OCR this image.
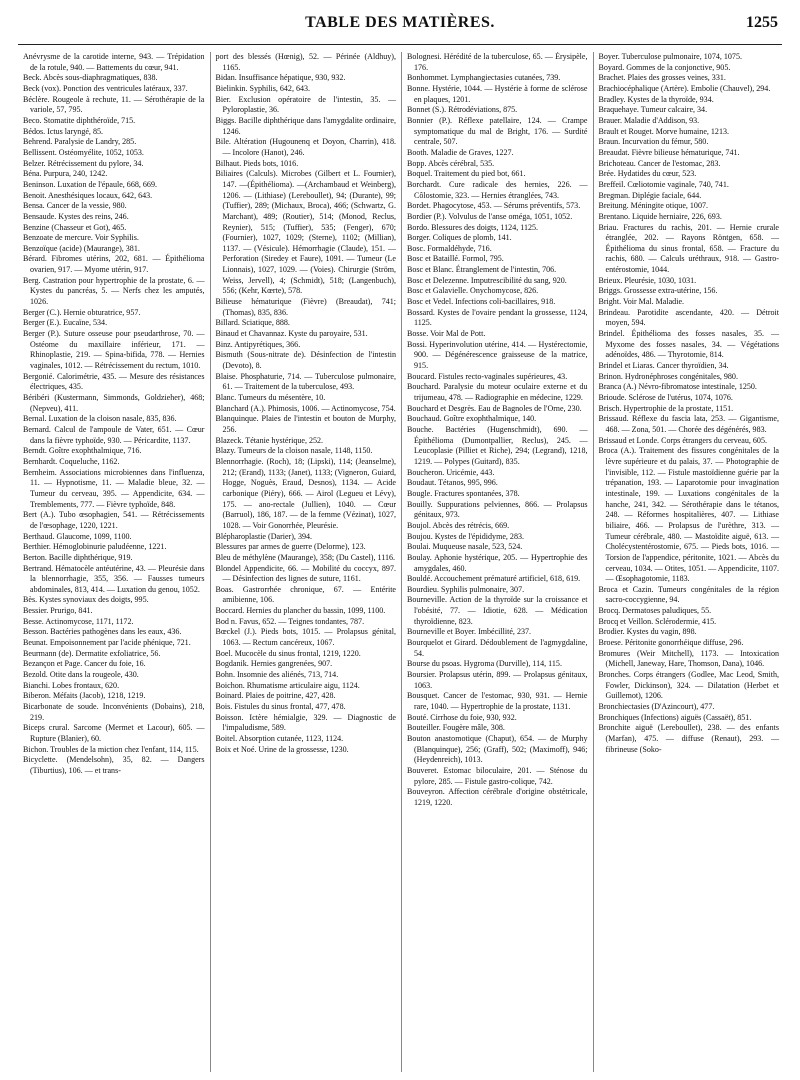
TABLE DES MATIÈRES.	1255

Anévrysme de la carotide interne, 943. — Trépidation de la rotule, 940. — Battements du cœur, 941.

Beck. Abcès sous-diaphragmatiques, 838.

Beck (vox). Ponction des ventricules latéraux, 337.

Béclère. Rougeole à rechute, 11. — Sérothérapie de la variole, 57, 795.

Beco. Stomatite diphthéroïde, 715.

Bédos. Ictus laryngé, 85.

Behrend. Paralysie de Landry, 285.

Bellissent. Ostéomyélite, 1052, 1053.

Belzer. Rétrécissement du pylore, 34.

Béna. Purpura, 240, 1242.

Beninson. Luxation de l'épaule, 668, 669.

Benoit. Anesthésiques locaux, 642, 643.

Bensa. Cancer de la vessie, 980.

Bensaude. Kystes des reins, 246.

Benzine (Chasseur et Got), 465.

Benzoate de mercure. Voir Syphilis.

Benzoïque (acide) (Maurange), 381.

Bérard. Fibromes utérins, 202, 681. — Épithélioma ovarien, 917. — Myome utérin, 917.

Berg. Castration pour hypertrophie de la prostate, 6. — Kystes du pancréas, 5. — Nerfs chez les amputés, 1026.

Berger (C.). Hernie obturatrice, 957.

Berger (E.). Eucaïne, 534.

Berger (P.). Suture osseuse pour pseudarthrose, 70. — Ostéome du maxillaire inférieur, 171. — Rhinoplastie, 219. — Spina-bifida, 778. — Hernies vaginales, 1012. — Rétrécissement du rectum, 1010.

Bergonié. Calorimétrie, 435. — Mesure des résistances électriques, 435.

Béribéri (Kustermann, Simmonds, Goldzieher), 468; (Nepveu), 411.

Bernal. Luxation de la cloison nasale, 835, 836.

Bernard. Calcul de l'ampoule de Vater, 651. — Cœur dans la fièvre typhoïde, 930. — Péricardite, 1137.

Berndt. Goître exophthalmique, 716.

Bernhardt. Coqueluche, 1162.

Bernheim. Associations microbiennes dans l'influenza, 11. — Hypnotisme, 11. — Maladie bleue, 32. — Tumeur du cerveau, 395. — Appendicite, 634. — Tremblements, 777. — Fièvre typhoïde, 848.

Bert (A.). Tubo œsophagien, 541. — Rétrécissements de l'œsophage, 1220, 1221.

Berthaud. Glaucome, 1099, 1100.

Berthier. Hémoglobinurie paludéenne, 1221.

Berton. Bacille diphthérique, 919.

Bertrand. Hématocèle antéutérine, 43. — Pleurésie dans la blennorrhagie, 355, 356. — Fausses tumeurs abdominales, 813, 414. — Luxation du genou, 1052.

Bès. Kystes synoviaux des doigts, 995.

Bessier. Prurigo, 841.

Besse. Actinomycose, 1171, 1172.

Besson. Bactéries pathogènes dans les eaux, 436.

Beunat. Empoisonnement par l'acide phénique, 721.

Beurmann (de). Dermatite exfoliatrice, 56.

Bezançon et Page. Cancer du foie, 16.

Bezold. Otite dans la rougeole, 430.

Bianchi. Lobes frontaux, 620.

Biberon. Méfaits (Jacob), 1218, 1219.

Bicarbonate de soude. Inconvénients (Dobains), 218, 219.

Biceps crural. Sarcome (Mermet et Lacour), 605. — Rupture (Blanier), 60.

Bichon. Troubles de la miction chez l'enfant, 114, 115.

Bicyclette. (Mendelsohn), 35, 82. — Dangers (Tiburtius), 106. — et trans-

port des blessés (Hœnig), 52. — Périnée (Aldhuy), 1165.

Bidan. Insuffisance hépatique, 930, 932.

Bielinkin. Syphilis, 642, 643.

Bier. Exclusion opératoire de l'intestin, 35. — Pyloroplastie, 36.

Biggs. Bacille diphthérique dans l'amygdalite ordinaire, 1246.

Bile. Altération (Hugounenq et Doyon, Charrin), 418. — Incolore (Hanot), 246.

Bilhaut. Pieds bots, 1016.

Biliaires (Calculs). Microbes (Gilbert et L. Fournier), 147. —(Épithélioma). —(Archambaud et Weinberg), 1206. — (Lithiase) (Lereboullet), 94; (Durante), 99; (Tuffier), 289; (Michaux, Broca), 466; (Schwartz, G. Marchant), 489; (Routier), 514; (Monod, Reclus, Reynier), 515; (Tuffier), 535; (Fenger), 670; (Fournier), 1027, 1029; (Sterne), 1102; (Millian), 1137. — (Vésicule). Hémorrhagie (Claude), 151. — Perforation (Siredey et Faure), 1091. — Tumeur (Le Lionnais), 1027, 1029. — (Voies). Chirurgie (Ström, Weiss, Jervell), 4; (Schmidt), 518; (Langenbuch), 556; (Kehr, Kœrte), 578.

Bilieuse hématurique (Fièvre) (Breaudat), 741; (Thomas), 835, 836.

Billard. Sciatique, 888.

Binaud et Chavannaz. Kyste du paroyaire, 531.

Binz. Antipyrétiques, 366.

Bismuth (Sous-nitrate de). Désinfection de l'intestin (Devoto), 8.

Blaise. Phosphaturie, 714. — Tuberculose pulmonaire, 61. — Traitement de la tuberculose, 493.

Blanc. Tumeurs du mésentère, 10.

Blanchard (A.). Phimosis, 1006. — Actinomycose, 754.

Blanquinque. Plaies de l'intestin et bouton de Murphy, 256.

Blazeck. Tétanie hystérique, 252.

Blazy. Tumeurs de la cloison nasale, 1148, 1150.

Blennorrhagie. (Roch), 18; (Lipski), 114; (Jeanselme), 212; (Erand), 1133; (Janet), 1133; (Vigneron, Guiard, Hogge, Noguès, Eraud, Desnos), 1134. — Acide carbonique (Piéry), 666. — Airol (Legueu et Lévy), 175. — ano-rectale (Jullien), 1040. — Cœur (Barruol), 186, 187. — de la femme (Vézinat), 1027, 1028. — Voir Gonorrhée, Pleurésie.

Blépharoplastie (Darier), 394.

Blessures par armes de guerre (Delorme), 123.

Bleu de méthylène (Maurange), 358; (Du Castel), 1116.

Blondel Appendicite, 66. — Mobilité du coccyx, 897. — Désinfection des lignes de suture, 1161.

Boas. Gastrorrhée chronique, 67. — Entérite amibienne, 106.

Boccard. Hernies du plancher du bassin, 1099, 1100.

Bod n. Favus, 652. — Teignes tondantes, 787.

Bœckel (J.). Pieds bots, 1015. — Prolapsus génital, 1063. — Rectum cancéreux, 1067.

Boel. Mucocèle du sinus frontal, 1219, 1220.

Bogdanik. Hernies gangrenées, 907.

Bohn. Insomnie des aliénés, 713, 714.

Boichon. Rhumatisme articulaire aigu, 1124.

Boinard. Plaies de poitrine, 427, 428.

Bois. Fistules du sinus frontal, 477, 478.

Boisson. Ictère hémialgie, 329. — Diagnostic de l'impaludisme, 589.

Boitel. Absorption cutanée, 1123, 1124.

Boix et Noé. Urine de la grossesse, 1230.

Bolognesi. Hérédité de la tuberculose, 65. — Érysipèle, 176.

Bonhommet. Lymphangiectasies cutanées, 739.

Bonne. Hystérie, 1044. — Hystérie à forme de sclérose en plaques, 1201.

Bonnet (S.). Rétrodéviations, 875.

Bonnier (P.). Réflexe patellaire, 124. — Crampe symptomatique du mal de Bright, 176. — Surdité centrale, 507.

Booth. Maladie de Graves, 1227.

Bopp. Abcès cérébral, 535.

Boquel. Traitement du pied bot, 661.

Borchardt. Cure radicale des hernies, 226. — Côlostomie, 323. — Hernies étranglées, 743.

Bordet. Phagocytose, 453. — Sérums préventifs, 573.

Bordier (P.). Volvulus de l'anse oméga, 1051, 1052.

Bordo. Blessures des doigts, 1124, 1125.

Borger. Coliques de plomb, 141.

Bosc. Formaldéhyde, 716.

Bosc et Bataillé. Formol, 795.

Bosc et Blanc. Étranglement de l'intestin, 706.

Bosc et Delezenne. Imputrescibilité du sang, 920.

Bosc et Galavielle. Onychomycose, 826.

Bosc et Vedel. Infections coli-bacillaires, 918.

Bossard. Kystes de l'ovaire pendant la grossesse, 1124, 1125.

Bosse. Voir Mal de Pott.

Bossi. Hyperinvolution utérine, 414. — Hystérectomie, 900. — Dégénérescence graisseuse de la matrice, 915.

Boucard. Fistules recto-vaginales supérieures, 43.

Bouchard. Paralysie du moteur oculaire externe et du trijumeau, 478. — Radiographie en médecine, 1229.

Bouchard et Desgrès. Eau de Bagnoles de l'Orne, 230.

Bouchaud. Goître exophthalmique, 140.

Bouche. Bactéries (Hugenschmidt), 690. — Épithélioma (Dumontpallier, Reclus), 245. — Leucoplasie (Pilliet et Riche), 294; (Legrand), 1218, 1219. — Polypes (Guitard), 835.

Boucheron. Uricémie, 443.

Boudaut. Tétanos, 995, 996.

Bougle. Fractures spontanées, 378.

Bouilly. Suppurations pelviennes, 866. — Prolapsus génitaux, 973.

Boujol. Abcès des rétrécis, 669.

Boujou. Kystes de l'épididyme, 283.

Boulai. Muqueuse nasale, 523, 524.

Boulay. Aphonie hystérique, 205. — Hypertrophie des amygdales, 460.

Bouldé. Accouchement prématuré artificiel, 618, 619.

Bourdieu. Syphilis pulmonaire, 307.

Bourneville. Action de la thyroïde sur la croissance et l'obésité, 77. — Idiotie, 628. — Médication thyroïdienne, 823.

Bourneville et Boyer. Imbécillité, 237.

Bourquelot et Girard. Dédoublement de l'agmygdaline, 54.

Bourse du psoas. Hygroma (Durville), 114, 115.

Boursier. Prolapsus utérin, 899. — Prolapsus génitaux, 1063.

Bousquet. Cancer de l'estomac, 930, 931. — Hernie rare, 1040. — Hypertrophie de la prostate, 1131.

Bouté. Cirrhose du foie, 930, 932.

Bouteiller. Fougère mâle, 308.

Bouton anastomotique (Chaput), 654. — de Murphy (Blanquinque), 256; (Graff), 502; (Maximoff), 946; (Heydenreich), 1013.

Bouveret. Estomac biloculaire, 201. — Sténose du pylore, 285. — Fistule gastro-colique, 742.

Bouveyron. Affection cérébrale d'origine obstétricale, 1219, 1220.

Boyer. Tuberculose pulmonaire, 1074, 1075.

Boyard. Gommes de la conjonctive, 905.

Brachet. Plaies des grosses veines, 331.

Brachiocéphalique (Artère). Embolie (Chauvel), 294.

Bradley. Kystes de la thyroïde, 934.

Braquehaye. Tumeur calcaire, 34.

Brauer. Maladie d'Addison, 93.

Brault et Rouget. Morve humaine, 1213.

Braun. Incurvation du fémur, 580.

Breaudat. Fièvre bilieuse hématurique, 741.

Brichoteau. Cancer de l'estomac, 283.

Brée. Hydatides du cœur, 523.

Breffeil. Cœliotomie vaginale, 740, 741.

Bregman. Diplégie faciale, 644.

Breitung. Méningite otique, 1007.

Brentano. Liquide herniaire, 226, 693.

Briau. Fractures du rachis, 201. — Hernie crurale étranglée, 202. — Rayons Röntgen, 658. — Épithélioma du sinus frontal, 658. — Fracture du rachis, 680. — Calculs uréthraux, 918. — Gastro-entérostomie, 1044.

Brieux. Pleurésie, 1030, 1031.

Briggs. Grossesse extra-utérine, 156.

Bright. Voir Mal. Maladie.

Brindeau. Parotidite ascendante, 420. — Détroit moyen, 594.

Brindel. Épithélioma des fosses nasales, 35. — Myxome des fosses nasales, 34. — Végétations adénoïdes, 486. — Thyrotomie, 814.

Brindel et Liaras. Cancer thyroïdien, 34.

Brinon. Hydronéphroses congénitales, 980.

Branca (A.) Névro-fibromatose intestinale, 1250.

Brioude. Sclérose de l'utérus, 1074, 1076.

Brisch. Hypertrophie de la prostate, 1151.

Brissaud. Réflexe du fascia lata, 253. — Gigantisme, 468. — Zona, 501. — Chorée des dégénérés, 983.

Brissaud et Londe. Corps étrangers du cerveau, 605.

Broca (A.). Traitement des fissures congénitales de la lèvre supérieure et du palais, 37. — Photographie de l'invisible, 112. — Fistule mastoïdienne guérie par la trépanation, 193. — Laparotomie pour invagination intestinale, 199. — Luxations congénitales de la hanche, 241, 342. — Sérothérapie dans le tétanos, 248. — Réformes hospitalières, 407. — Lithiase biliaire, 466. — Prolapsus de l'urèthre, 313. — Tumeur cérébrale, 480. — Mastoïdite aiguë, 613. — Cholécystentérostomie, 675. — Pieds bots, 1016. — Torsion de l'appendice, péritonite, 1021. — Abcès du cerveau, 1034. — Otites, 1051. — Appendicite, 1107. — Œsophagotomie, 1183.

Broca et Cazin. Tumeurs congénitales de la région sacro-coccygienne, 94.

Brocq. Dermatoses paludiques, 55.

Brocq et Veillon. Sclérodermie, 415.

Brodier. Kystes du vagin, 898.

Broese. Péritonite gonorrhéique diffuse, 296.

Bromures (Weir Mitchell), 1173. — Intoxication (Michell, Janeway, Hare, Thomson, Dana), 1046.

Bronches. Corps étrangers (Godlee, Mac Leod, Smith, Fowler, Dickinson), 324. — Dilatation (Herbet et Guillemot), 1206.

Bronchiectasies (D'Azincourt), 477.

Bronchiques (Infections) aiguës (Cassaët), 851.

Bronchite aiguë (Lereboullet), 238. — des enfants (Marfan), 475. — diffuse (Renaut), 293. — fibrineuse (Soko-
